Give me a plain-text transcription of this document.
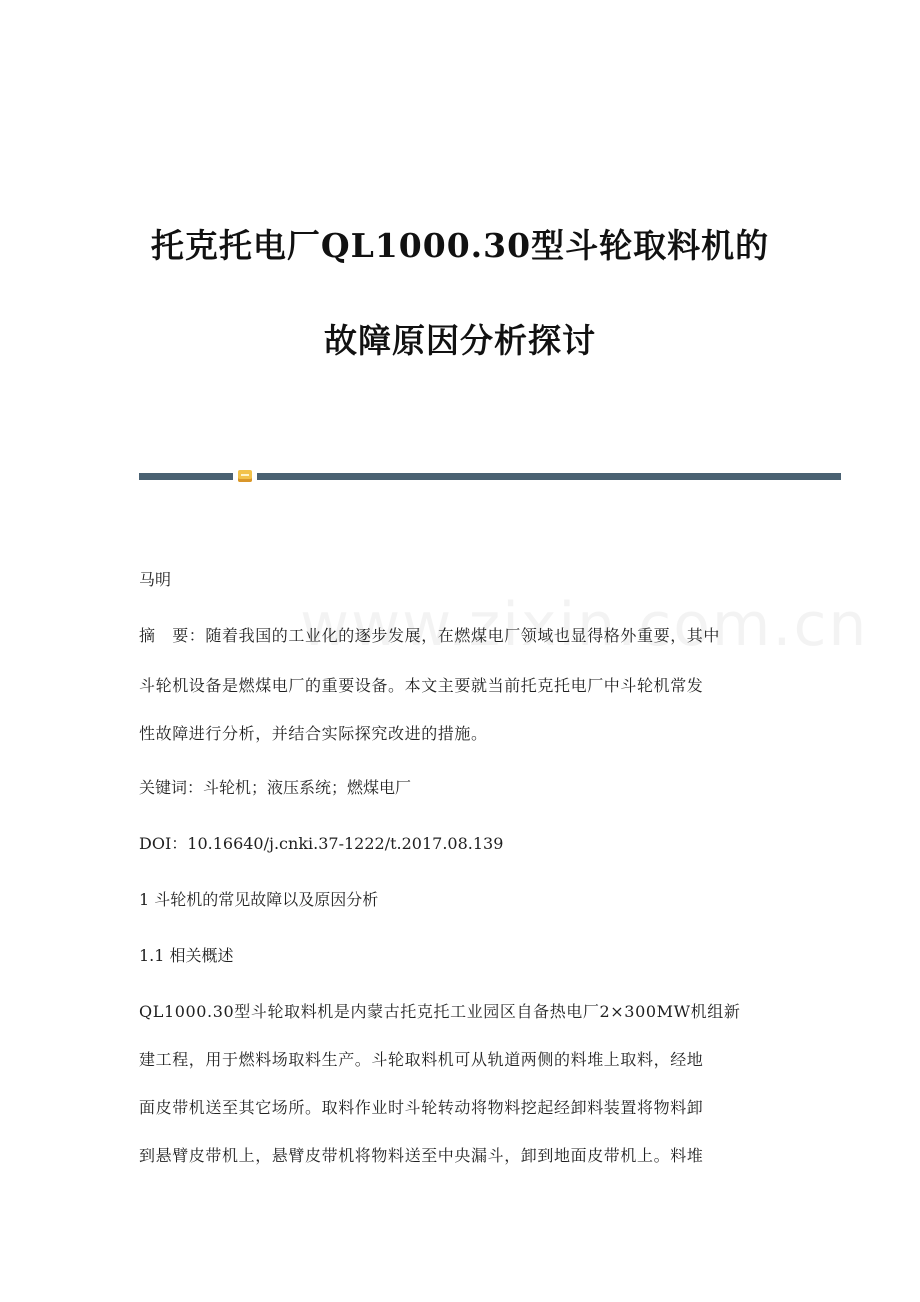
托克托电厂QL1000.30型斗轮取料机的
故障原因分析探讨
马明
摘　要：随着我国的工业化的逐步发展，在燃煤电厂领域也显得格外重要，其中
斗轮机设备是燃煤电厂的重要设备。本文主要就当前托克托电厂中斗轮机常发
性故障进行分析，并结合实际探究改进的措施。
关键词：斗轮机；液压系统；燃煤电厂
DOI：10.16640/j.cnki.37-1222/t.2017.08.139
1 斗轮机的常见故障以及原因分析
1.1 相关概述
QL1000.30型斗轮取料机是内蒙古托克托工业园区自备热电厂2×300MW机组新
建工程，用于燃料场取料生产。斗轮取料机可从轨道两侧的料堆上取料，经地
面皮带机送至其它场所。取料作业时斗轮转动将物料挖起经卸料装置将物料卸
到悬臂皮带机上，悬臂皮带机将物料送至中央漏斗，卸到地面皮带机上。料堆
